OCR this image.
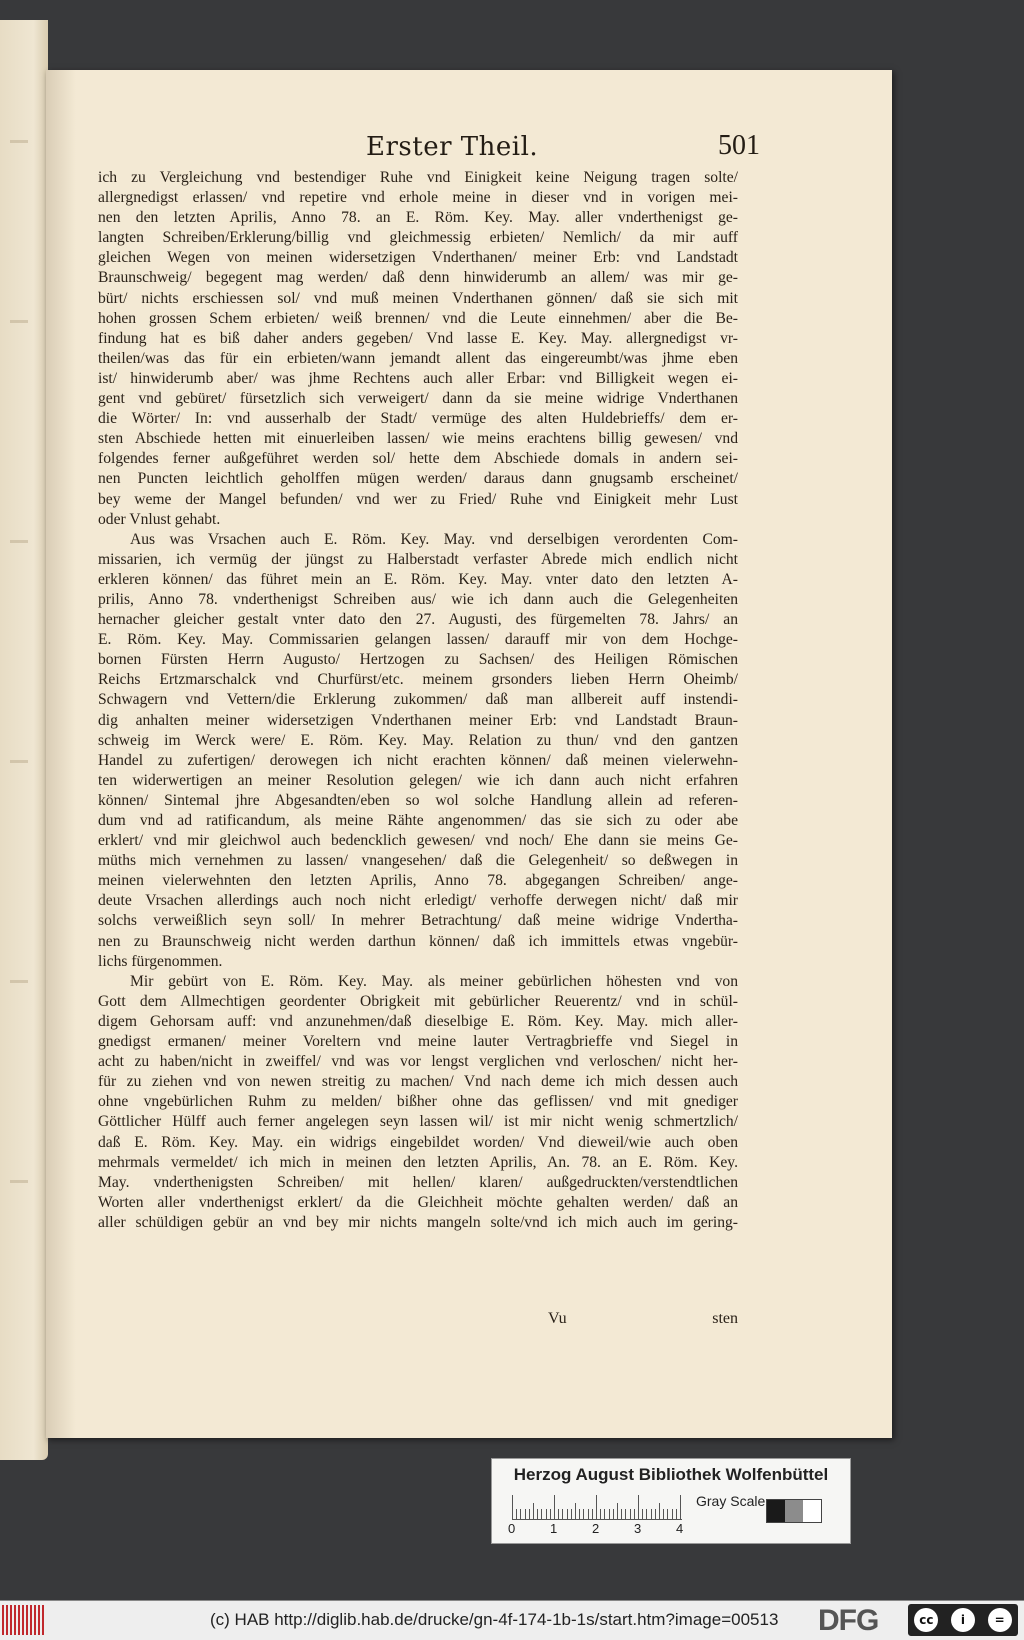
Erster Theil.	501
ich zu Vergleichung vnd bestendiger Ruhe vnd Einigkeit keine Neigung tragen solte/
allergnedigst erlassen/ vnd repetire vnd erhole meine in dieser vnd in vorigen mei-
nen den letzten Aprilis, Anno 78. an E. Röm. Key. May. aller vnderthenigst ge-
langten Schreiben/Erklerung/billig vnd gleichmessig erbieten/ Nemlich/ da mir auff
gleichen Wegen von meinen widersetzigen Vnderthanen/ meiner Erb: vnd Landstadt
Braunschweig/ begegent mag werden/ daß denn hinwiderumb an allem/ was mir ge-
bürt/ nichts erschiessen sol/ vnd muß meinen Vnderthanen gönnen/ daß sie sich mit
hohen grossen Schem erbieten/ weiß brennen/ vnd die Leute einnehmen/ aber die Be-
findung hat es biß daher anders gegeben/ Vnd lasse E. Key. May. allergnedigst vr-
theilen/was das für ein erbieten/wann jemandt allent das eingereumbt/was jhme eben
ist/ hinwiderumb aber/ was jhme Rechtens auch aller Erbar: vnd Billigkeit wegen ei-
gent vnd gebüret/ fürsetzlich sich verweigert/ dann da sie meine widrige Vnderthanen
die Wörter/ In: vnd ausserhalb der Stadt/ vermüge des alten Huldebrieffs/ dem er-
sten Abschiede hetten mit einuerleiben lassen/ wie meins erachtens billig gewesen/ vnd
folgendes ferner außgeführet werden sol/ hette dem Abschiede domals in andern sei-
nen Puncten leichtlich geholffen mügen werden/ daraus dann gnugsamb erscheinet/
bey weme der Mangel befunden/ vnd wer zu Fried/ Ruhe vnd Einigkeit mehr Lust
oder Vnlust gehabt.
Aus was Vrsachen auch E. Röm. Key. May. vnd derselbigen verordenten Com-
missarien, ich vermüg der jüngst zu Halberstadt verfaster Abrede mich endlich nicht
erkleren können/ das führet mein an E. Röm. Key. May. vnter dato den letzten A-
prilis, Anno 78. vnderthenigst Schreiben aus/ wie ich dann auch die Gelegenheiten
hernacher gleicher gestalt vnter dato den 27. Augusti, des fürgemelten 78. Jahrs/ an
E. Röm. Key. May. Commissarien gelangen lassen/ darauff mir von dem Hochge-
bornen Fürsten Herrn Augusto/ Hertzogen zu Sachsen/ des Heiligen Römischen
Reichs Ertzmarschalck vnd Churfürst/etc. meinem grsonders lieben Herrn Oheimb/
Schwagern vnd Vettern/die Erklerung zukommen/ daß man allbereit auff instendi-
dig anhalten meiner widersetzigen Vnderthanen meiner Erb: vnd Landstadt Braun-
schweig im Werck were/ E. Röm. Key. May. Relation zu thun/ vnd den gantzen
Handel zu zufertigen/ derowegen ich nicht erachten können/ daß meinen vielerwehn-
ten widerwertigen an meiner Resolution gelegen/ wie ich dann auch nicht erfahren
können/ Sintemal jhre Abgesandten/eben so wol solche Handlung allein ad referen-
dum vnd ad ratificandum, als meine Rähte angenommen/ das sie sich zu oder abe
erklert/ vnd mir gleichwol auch bedencklich gewesen/ vnd noch/ Ehe dann sie meins Ge-
müths mich vernehmen zu lassen/ vnangesehen/ daß die Gelegenheit/ so deßwegen in
meinen vielerwehnten den letzten Aprilis, Anno 78. abgegangen Schreiben/ ange-
deute Vrsachen allerdings auch noch nicht erledigt/ verhoffe derwegen nicht/ daß mir
solchs verweißlich seyn soll/ In mehrer Betrachtung/ daß meine widrige Vndertha-
nen zu Braunschweig nicht werden darthun können/ daß ich immittels etwas vngebür-
lichs fürgenommen.
Mir gebürt von E. Röm. Key. May. als meiner gebürlichen höhesten vnd von
Gott dem Allmechtigen geordenter Obrigkeit mit gebürlicher Reuerentz/ vnd in schül-
digem Gehorsam auff: vnd anzunehmen/daß dieselbige E. Röm. Key. May. mich aller-
gnedigst ermanen/ meiner Voreltern vnd meine lauter Vertragbrieffe vnd Siegel in
acht zu haben/nicht in zweiffel/ vnd was vor lengst verglichen vnd verloschen/ nicht her-
für zu ziehen vnd von newen streitig zu machen/ Vnd nach deme ich mich dessen auch
ohne vngebürlichen Ruhm zu melden/ bißher ohne das geflissen/ vnd mit gnediger
Göttlicher Hülff auch ferner angelegen seyn lassen wil/ ist mir nicht wenig schmertzlich/
daß E. Röm. Key. May. ein widrigs eingebildet worden/ Vnd dieweil/wie auch oben
mehrmals vermeldet/ ich mich in meinen den letzten Aprilis, An. 78. an E. Röm. Key.
May. vnderthenigsten Schreiben/ mit hellen/ klaren/ außgedruckten/verstendtlichen
Worten aller vnderthenigst erklert/ da die Gleichheit möchte gehalten werden/ daß an
aller schüldigen gebür an vnd bey mir nichts mangeln solte/vnd ich mich auch im gering-
Vu	sten
Herzog August Bibliothek Wolfenbüttel
0	1	2	3	4
Gray Scale
(c) HAB http://diglib.hab.de/drucke/gn-4f-174-1b-1s/start.htm?image=00513 DFG	cc	i	=
